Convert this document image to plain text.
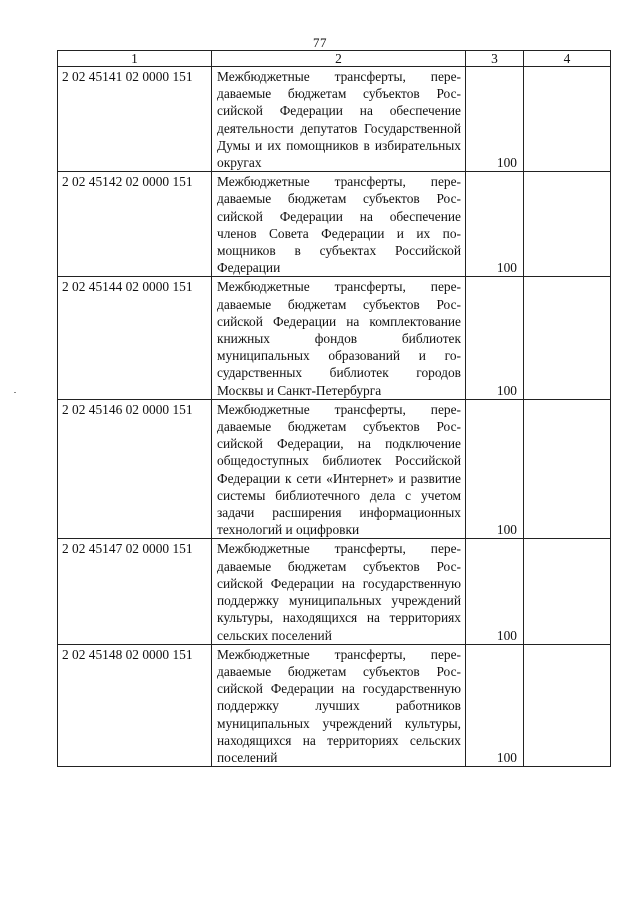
77
1	2	3	4
2 02 45141 02 0000 151	Межбюджетные трансферты, передаваемые бюджетам субъектов Российской Федерации на обеспечение деятельности депутатов Государственной Думы и их помощников в избирательных округах	100	

2 02 45142 02 0000 151	Межбюджетные трансферты, передаваемые бюджетам субъектов Российской Федерации на обеспечение членов Совета Федерации и их помощников в субъектах Российской Федерации	100	

2 02 45144 02 0000 151	Межбюджетные трансферты, передаваемые бюджетам субъектов Российской Федерации на комплектование книжных фондов библиотек муниципальных образований и государственных библиотек городов Москвы и Санкт-Петербурга	100	

2 02 45146 02 0000 151	Межбюджетные трансферты, передаваемые бюджетам субъектов Российской Федерации, на подключение общедоступных библиотек Российской Федерации к сети «Интернет» и развитие системы библиотечного дела с учетом задачи расширения информационных технологий и оцифровки	100	

2 02 45147 02 0000 151	Межбюджетные трансферты, передаваемые бюджетам субъектов Российской Федерации на государственную поддержку муниципальных учреждений культуры, находящихся на территориях сельских поселений	100	

2 02 45148 02 0000 151	Межбюджетные трансферты, передаваемые бюджетам субъектов Российской Федерации на государственную поддержку лучших работников муниципальных учреждений культуры, находящихся на территориях сельских поселений	100	
